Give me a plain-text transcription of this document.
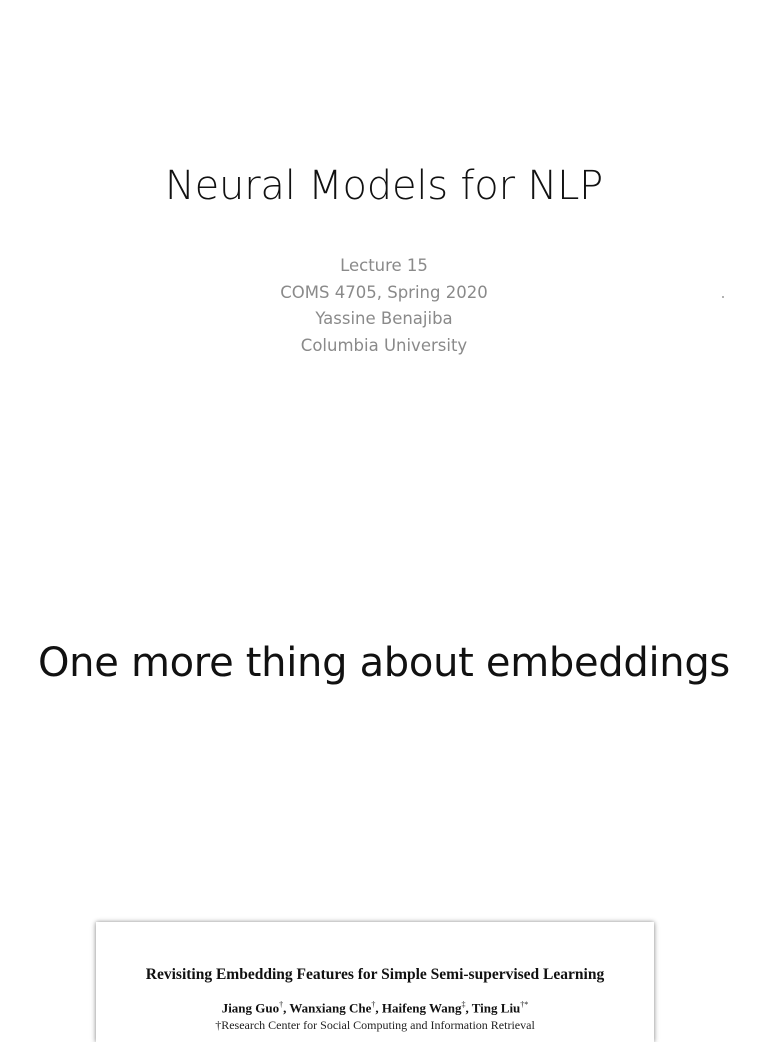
Neural Models for NLP
Lecture 15
COMS 4705, Spring 2020
Yassine Benajiba
Columbia University
One more thing about embeddings
Revisiting Embedding Features for Simple Semi-supervised Learning
Jiang Guo†, Wanxiang Che†, Haifeng Wang‡, Ting Liu†*
†Research Center for Social Computing and Information Retrieval
